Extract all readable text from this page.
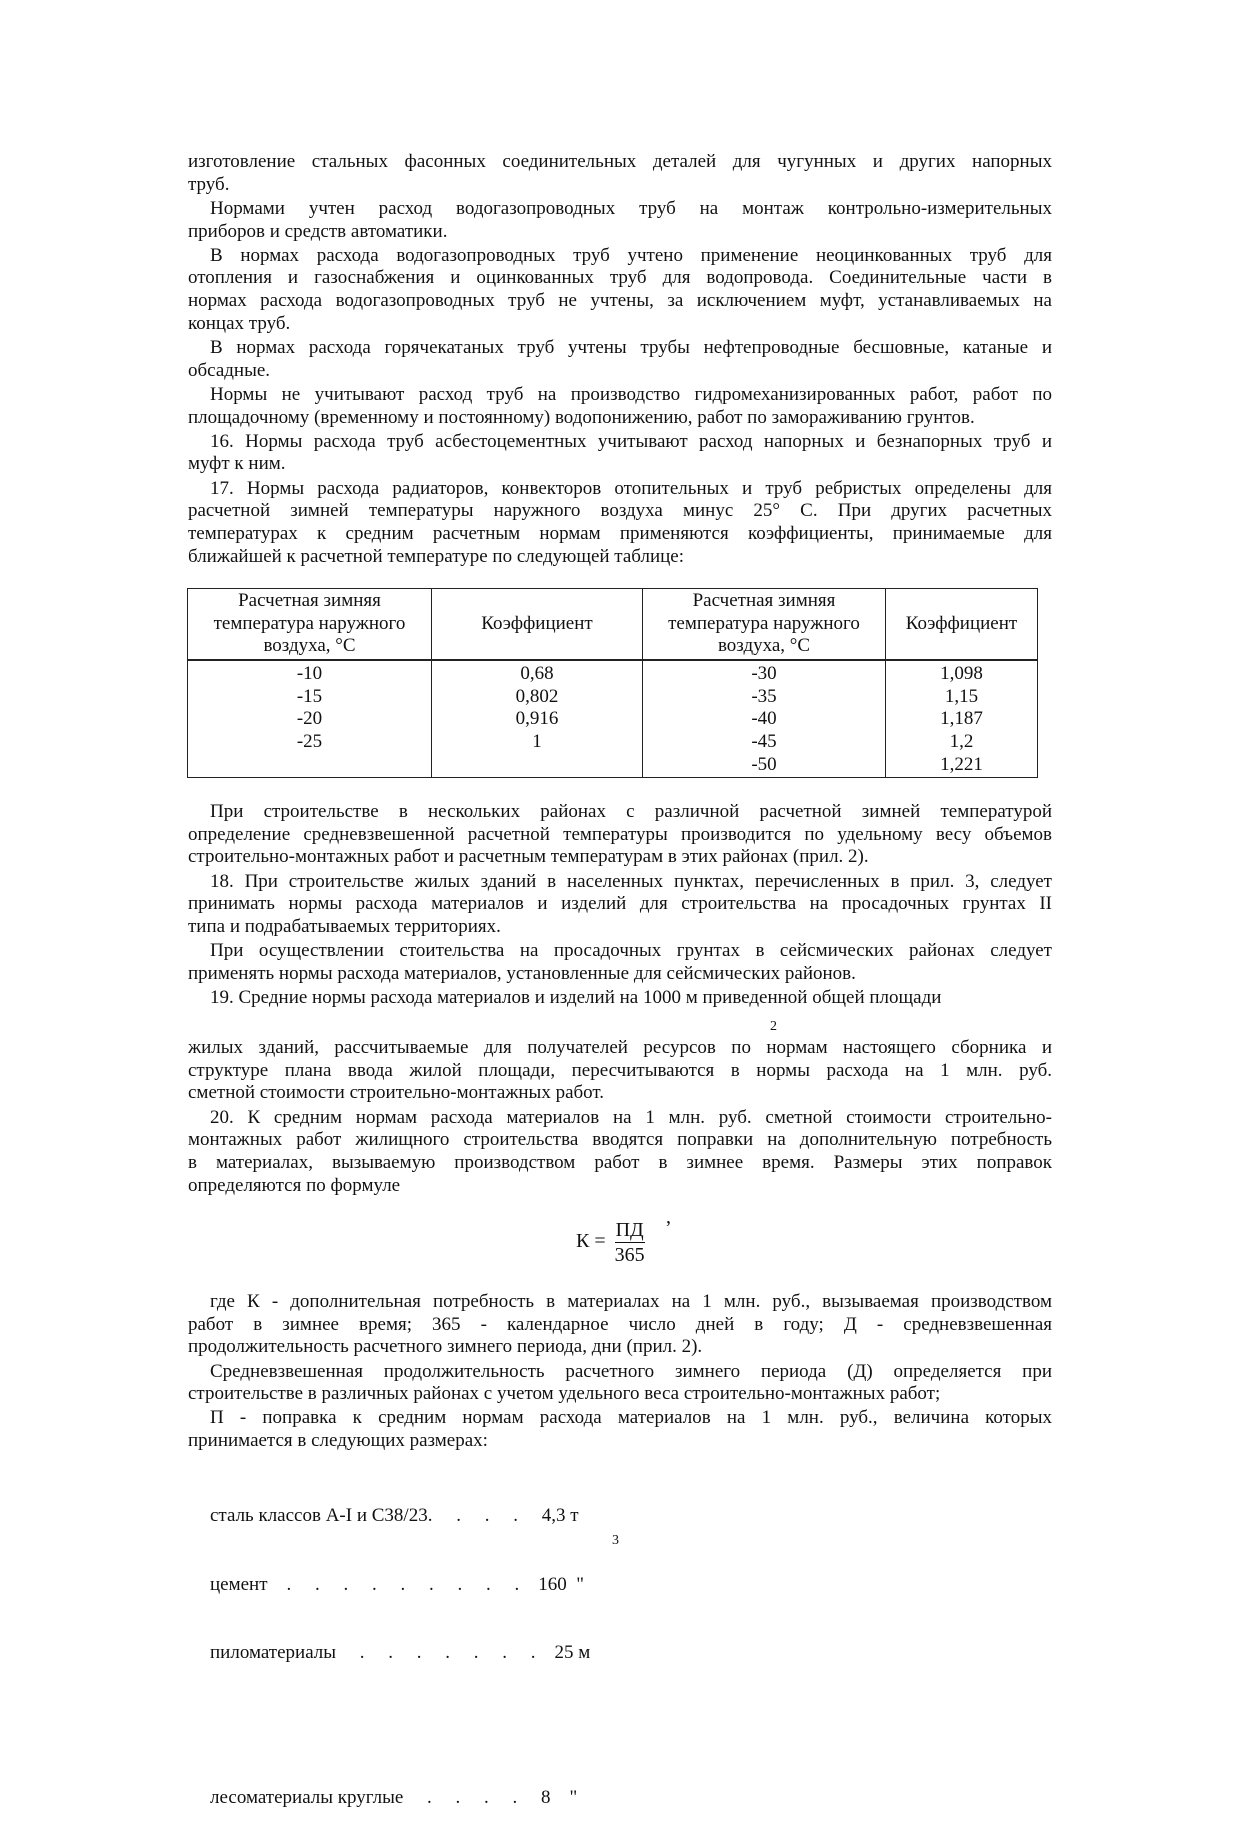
изготовление стальных фасонных соединительных деталей для чугунных и других напорных
труб.
Нормами учтен расход водогазопроводных труб на монтаж контрольно-измерительных
приборов и средств автоматики.
В нормах расхода водогазопроводных труб учтено применение неоцинкованных труб для
отопления и газоснабжения и оцинкованных труб для водопровода. Соединительные части в
нормах расхода водогазопроводных труб не учтены, за исключением муфт, устанавливаемых на
концах труб.
В нормах расхода горячекатаных труб учтены трубы нефтепроводные бесшовные, катаные и
обсадные.
Нормы не учитывают расход труб на производство гидромеханизированных работ, работ по
площадочному (временному и постоянному) водопонижению, работ по замораживанию грунтов.
16. Нормы расхода труб асбестоцементных учитывают расход напорных и безнапорных труб и
муфт к ним.
17. Нормы расхода радиаторов, конвекторов отопительных и труб ребристых определены для
расчетной зимней температуры наружного воздуха минус 25° С. При других расчетных
температурах к средним расчетным нормам применяются коэффициенты, принимаемые для
ближайшей к расчетной температуре по следующей таблице:
Расчетная зимняя температура наружного воздуха, °С	Коэффициент	Расчетная зимняя температура наружного воздуха, °С	Коэффициент
-10	0,68	-30	1,098
-15	0,802	-35	1,15
-20	0,916	-40	1,187
-25	1	-45	1,2
		-50	1,221
При строительстве в нескольких районах с различной расчетной зимней температурой
определение средневзвешенной расчетной температуры производится по удельному весу объемов
строительно-монтажных работ и расчетным температурам в этих районах (прил. 2).
18. При строительстве жилых зданий в населенных пунктах, перечисленных в прил. 3, следует
принимать нормы расхода материалов и изделий для строительства на просадочных грунтах II
типа и подрабатываемых территориях.
При осуществлении стоительства на просадочных грунтах в сейсмических районах следует
применять нормы расхода материалов, установленные для сейсмических районов.
19. Средние нормы расхода материалов и изделий на 1000 м приведенной общей площади
2
жилых зданий, рассчитываемые для получателей ресурсов по нормам настоящего сборника и
структуре плана ввода жилой площади, пересчитываются в нормы расхода на 1 млн. руб.
сметной стоимости строительно-монтажных работ.
20. К средним нормам расхода материалов на 1 млн. руб. сметной стоимости строительно-
монтажных работ жилищного строительства вводятся поправки на дополнительную потребность
в материалах, вызываемую производством работ в зимнее время. Размеры этих поправок
определяются по формуле
$К = \frac{ПД}{365}$
,
где К - дополнительная потребность в материалах на 1 млн. руб., вызываемая производством
работ в зимнее время; 365 - календарное число дней в году; Д - средневзвешенная
продолжительность расчетного зимнего периода, дни (прил. 2).
Средневзвешенная продолжительность расчетного зимнего периода (Д) определяется при
строительстве в различных районах с учетом удельного веса строительно-монтажных работ;
П - поправка к средним нормам расхода материалов на 1 млн. руб., величина которых
принимается в следующих размерах:

сталь классов А-I и С38/23.     .     .     .     4,3 т

цемент    .     .     .     .     .     .     .     .     .    160  "

пиломатериалы     .     .     .     .     .     .     .    25 м

лесоматериалы круглые     .     .     .     .     8    "

3
